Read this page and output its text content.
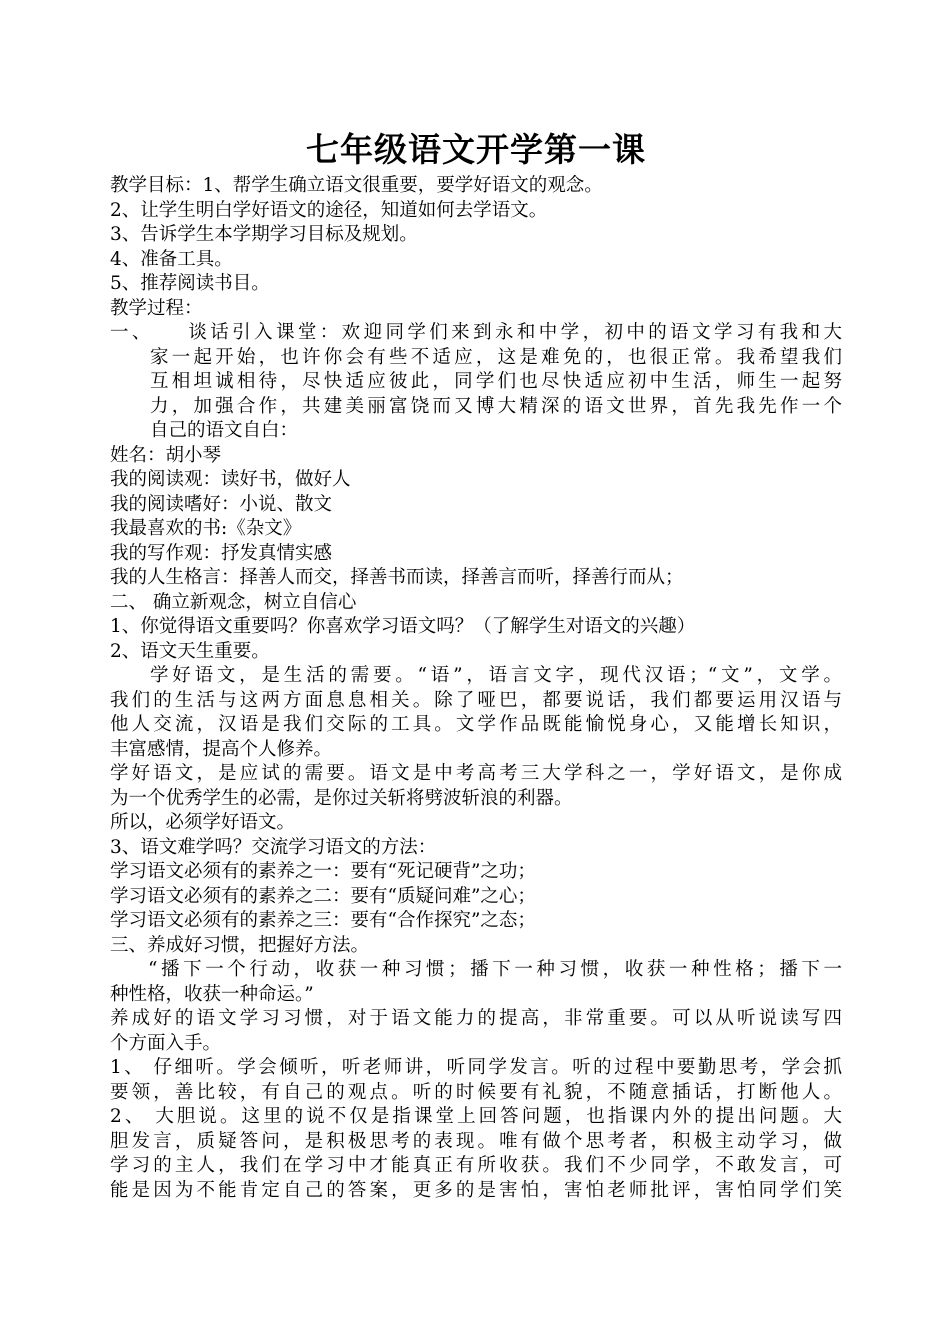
七年级语文开学第一课
教学目标：1、帮学生确立语文很重要，要学好语文的观念。
2、让学生明白学好语文的途径，知道如何去学语文。
3、告诉学生本学期学习目标及规划。
4、准备工具。
5、推荐阅读书目。
教学过程：
一、　　谈话引入课堂：欢迎同学们来到永和中学，初中的语文学习有我和大
家一起开始，也许你会有些不适应，这是难免的，也很正常。我希望我们
互相坦诚相待，尽快适应彼此，同学们也尽快适应初中生活，师生一起努
力，加强合作，共建美丽富饶而又博大精深的语文世界，首先我先作一个
自己的语文自白：
姓名：胡小琴
我的阅读观：读好书，做好人
我的阅读嗜好：小说、散文
我最喜欢的书:《杂文》
我的写作观：抒发真情实感
我的人生格言：择善人而交，择善书而读，择善言而听，择善行而从；
二、 确立新观念，树立自信心
1、你觉得语文重要吗？你喜欢学习语文吗？（了解学生对语文的兴趣）
2、语文天生重要。
学好语文，是生活的需要。“语”，语言文字，现代汉语；“文”，文学。
我们的生活与这两方面息息相关。除了哑巴，都要说话，我们都要运用汉语与
他人交流，汉语是我们交际的工具。文学作品既能愉悦身心，又能增长知识，
丰富感情，提高个人修养。
学好语文，是应试的需要。语文是中考高考三大学科之一，学好语文，是你成
为一个优秀学生的必需，是你过关斩将劈波斩浪的利器。
所以，必须学好语文。
3、语文难学吗？交流学习语文的方法：
学习语文必须有的素养之一：要有“死记硬背”之功；
学习语文必须有的素养之二：要有“质疑问难”之心；
学习语文必须有的素养之三：要有“合作探究”之态；
三、养成好习惯，把握好方法。
“播下一个行动，收获一种习惯；播下一种习惯，收获一种性格；播下一
种性格，收获一种命运。”
养成好的语文学习习惯，对于语文能力的提高，非常重要。可以从听说读写四
个方面入手。
1、 仔细听。学会倾听，听老师讲，听同学发言。听的过程中要勤思考，学会抓
要领，善比较，有自己的观点。听的时候要有礼貌，不随意插话，打断他人。
2、 大胆说。这里的说不仅是指课堂上回答问题，也指课内外的提出问题。大
胆发言，质疑答问，是积极思考的表现。唯有做个思考者，积极主动学习，做
学习的主人，我们在学习中才能真正有所收获。我们不少同学，不敢发言，可
能是因为不能肯定自己的答案，更多的是害怕，害怕老师批评，害怕同学们笑
